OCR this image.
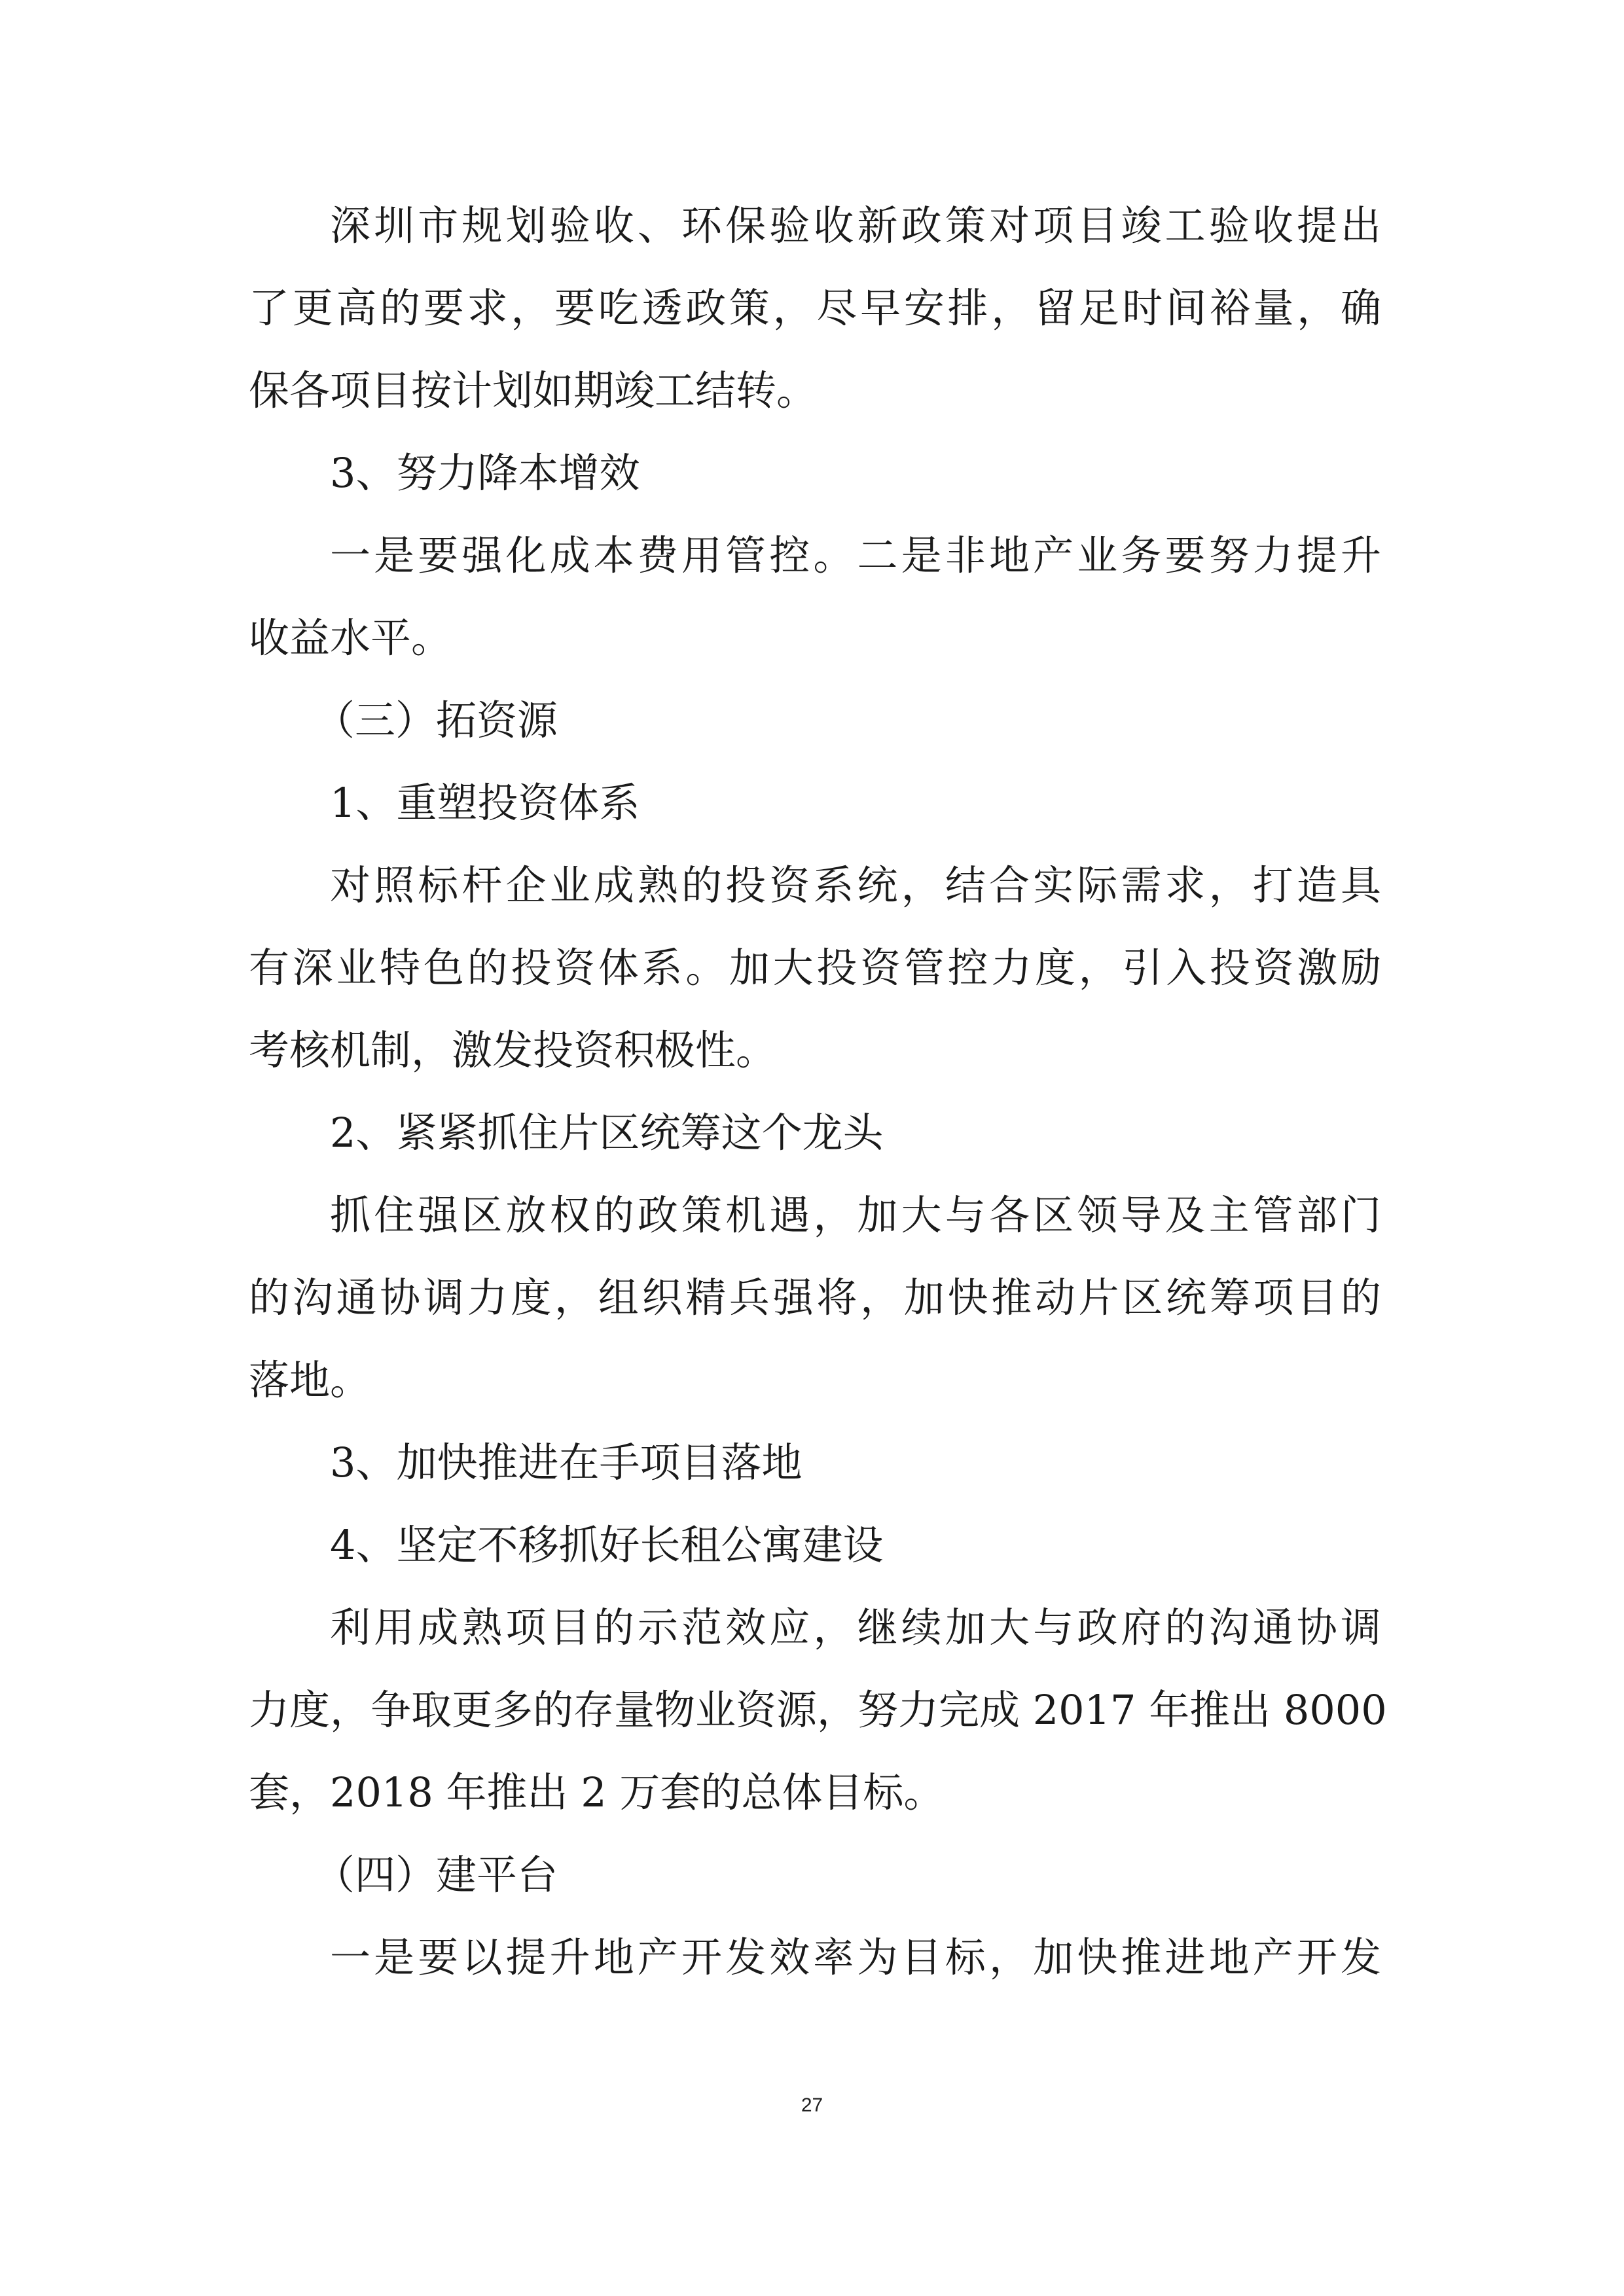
深圳市规划验收、环保验收新政策对项目竣工验收提出
了更高的要求，要吃透政策，尽早安排，留足时间裕量，确
保各项目按计划如期竣工结转。
3、努力降本增效
一是要强化成本费用管控。二是非地产业务要努力提升
收益水平。
（三）拓资源
1、重塑投资体系
对照标杆企业成熟的投资系统，结合实际需求，打造具
有深业特色的投资体系。加大投资管控力度，引入投资激励
考核机制，激发投资积极性。
2、紧紧抓住片区统筹这个龙头
抓住强区放权的政策机遇，加大与各区领导及主管部门
的沟通协调力度，组织精兵强将，加快推动片区统筹项目的
落地。
3、加快推进在手项目落地
4、坚定不移抓好长租公寓建设
利用成熟项目的示范效应，继续加大与政府的沟通协调
力度，争取更多的存量物业资源，努力完成 2017 年推出 8000
套，2018 年推出 2 万套的总体目标。
（四）建平台
一是要以提升地产开发效率为目标，加快推进地产开发
27
